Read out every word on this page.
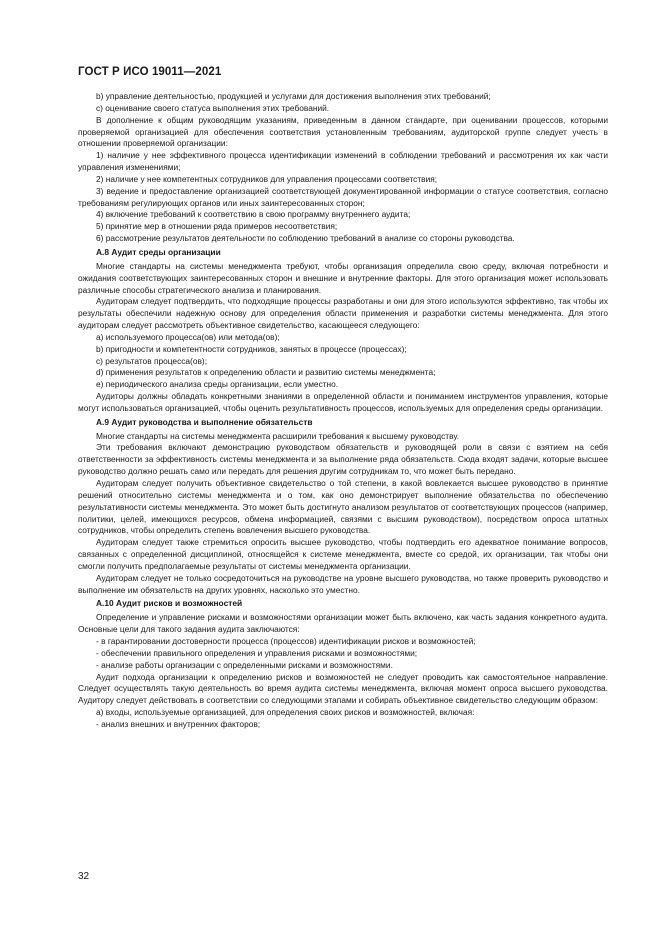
ГОСТ Р ИСО 19011—2021

b) управление деятельностью, продукцией и услугами для достижения выполнения этих требований;

c) оценивание своего статуса выполнения этих требований.

В дополнение к общим руководящим указаниям, приведенным в данном стандарте, при оценивании процессов, которыми проверяемой организацией для обеспечения соответствия установленным требованиям, аудиторской группе следует учесть в отношении проверяемой организации:

1) наличие у нее эффективного процесса идентификации изменений в соблюдении требований и рассмотрения их как части управления изменениями;

2) наличие у нее компетентных сотрудников для управления процессами соответствия;

3) ведение и предоставление организацией соответствующей документированной информации о статусе соответствия, согласно требованиям регулирующих органов или иных заинтересованных сторон;

4) включение требований к соответствию в свою программу внутреннего аудита;

5) принятие мер в отношении ряда примеров несоответствия;

6) рассмотрение результатов деятельности по соблюдению требований в анализе со стороны руководства.

А.8 Аудит среды организации

Многие стандарты на системы менеджмента требуют, чтобы организация определила свою среду, включая потребности и ожидания соответствующих заинтересованных сторон и внешние и внутренние факторы. Для этого организация может использовать различные способы стратегического анализа и планирования.

Аудиторам следует подтвердить, что подходящие процессы разработаны и они для этого используются эффективно, так чтобы их результаты обеспечили надежную основу для определения области применения и разработки системы менеджмента. Для этого аудиторам следует рассмотреть объективное свидетельство, касающееся следующего:

a) используемого процесса(ов) или метода(ов);

b) пригодности и компетентности сотрудников, занятых в процессе (процессах);

c) результатов процесса(ов);

d) применения результатов к определению области и развитию системы менеджмента;

e) периодического анализа среды организации, если уместно.

Аудиторы должны обладать конкретными знаниями в определенной области и пониманием инструментов управления, которые могут использоваться организацией, чтобы оценить результативность процессов, используемых для определения среды организации.

А.9 Аудит руководства и выполнение обязательств

Многие стандарты на системы менеджмента расширили требования к высшему руководству.

Эти требования включают демонстрацию руководством обязательств и руководящей роли в связи с взятием на себя ответственности за эффективность системы менеджмента и за выполнение ряда обязательств. Сюда входят задачи, которые высшее руководство должно решать само или передать для решения другим сотрудникам то, что может быть передано.

Аудиторам следует получить объективное свидетельство о той степени, в какой вовлекается высшее руководство в принятие решений относительно системы менеджмента и о том, как оно демонстрирует выполнение обязательства по обеспечению результативности системы менеджмента. Это может быть достигнуто анализом результатов от соответствующих процессов (например, политики, целей, имеющихся ресурсов, обмена информацией, связями с высшим руководством), посредством опроса штатных сотрудников, чтобы определить степень вовлечения высшего руководства.

Аудиторам следует также стремиться опросить высшее руководство, чтобы подтвердить его адекватное понимание вопросов, связанных с определенной дисциплиной, относящейся к системе менеджмента, вместе со средой, их организации, так чтобы они смогли получить предполагаемые результаты от системы менеджмента организации.

Аудиторам следует не только сосредоточиться на руководстве на уровне высшего руководства, но также проверить руководство и выполнение им обязательств на других уровнях, насколько это уместно.

А.10 Аудит рисков и возможностей

Определение и управление рисками и возможностями организации может быть включено, как часть задания конкретного аудита. Основные цели для такого задания аудита заключаются:

- в гарантировании достоверности процесса (процессов) идентификации рисков и возможностей;

- обеспечении правильного определения и управления рисками и возможностями;

- анализе работы организации с определенными рисками и возможностями.

Аудит подхода организации к определению рисков и возможностей не следует проводить как самостоятельное направление. Следует осуществлять такую деятельность во время аудита системы менеджмента, включая момент опроса высшего руководства. Аудитору следует действовать в соответствии со следующими этапами и собирать объективное свидетельство следующим образом:

a) входы, используемые организацией, для определения своих рисков и возможностей, включая:

- анализ внешних и внутренних факторов;

32
